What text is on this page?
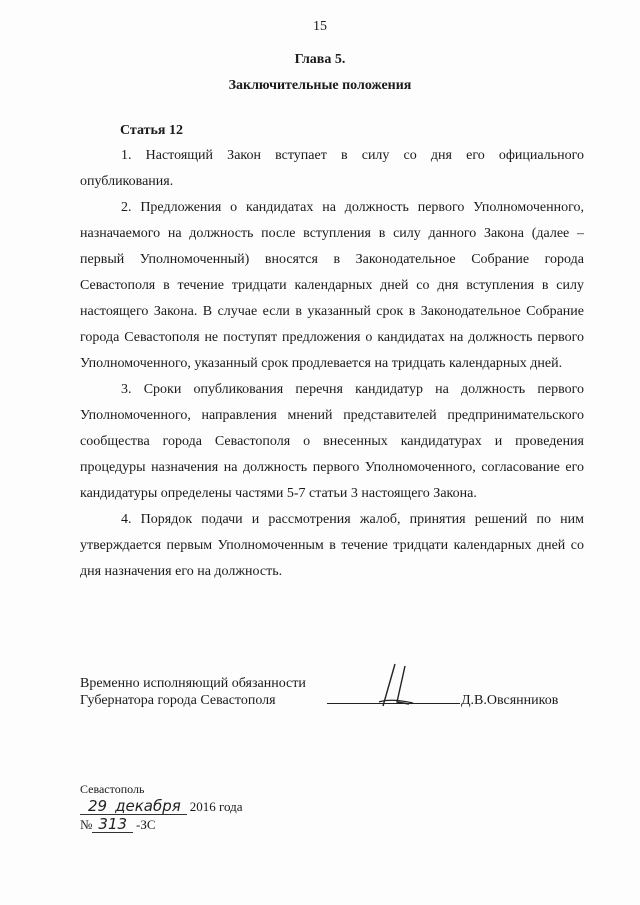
15
Глава 5.
Заключительные положения
Статья 12

1. Настоящий Закон вступает в силу со дня его официального опубликования.

2. Предложения о кандидатах на должность первого Уполномоченного, назначаемого на должность после вступления в силу данного Закона (далее – первый Уполномоченный) вносятся в Законодательное Собрание города Севастополя в течение тридцати календарных дней со дня вступления в силу настоящего Закона. В случае если в указанный срок в Законодательное Собрание города Севастополя не поступят предложения о кандидатах на должность первого Уполномоченного, указанный срок продлевается на тридцать календарных дней.

3. Сроки опубликования перечня кандидатур на должность первого Уполномоченного, направления мнений представителей предпринимательского сообщества города Севастополя о внесенных кандидатурах и проведения процедуры назначения на должность первого Уполномоченного, согласование его кандидатуры определены частями 5-7 статьи 3 настоящего Закона.

4. Порядок подачи и рассмотрения жалоб, принятия решений по ним утверждается первым Уполномоченным в течение тридцати календарных дней со дня назначения его на должность.

Временно исполняющий обязанности
Губернатора города Севастополя	Д.В.Овсянников
Севастополь
29 декабря 2016 года
№ 313 -ЗС
